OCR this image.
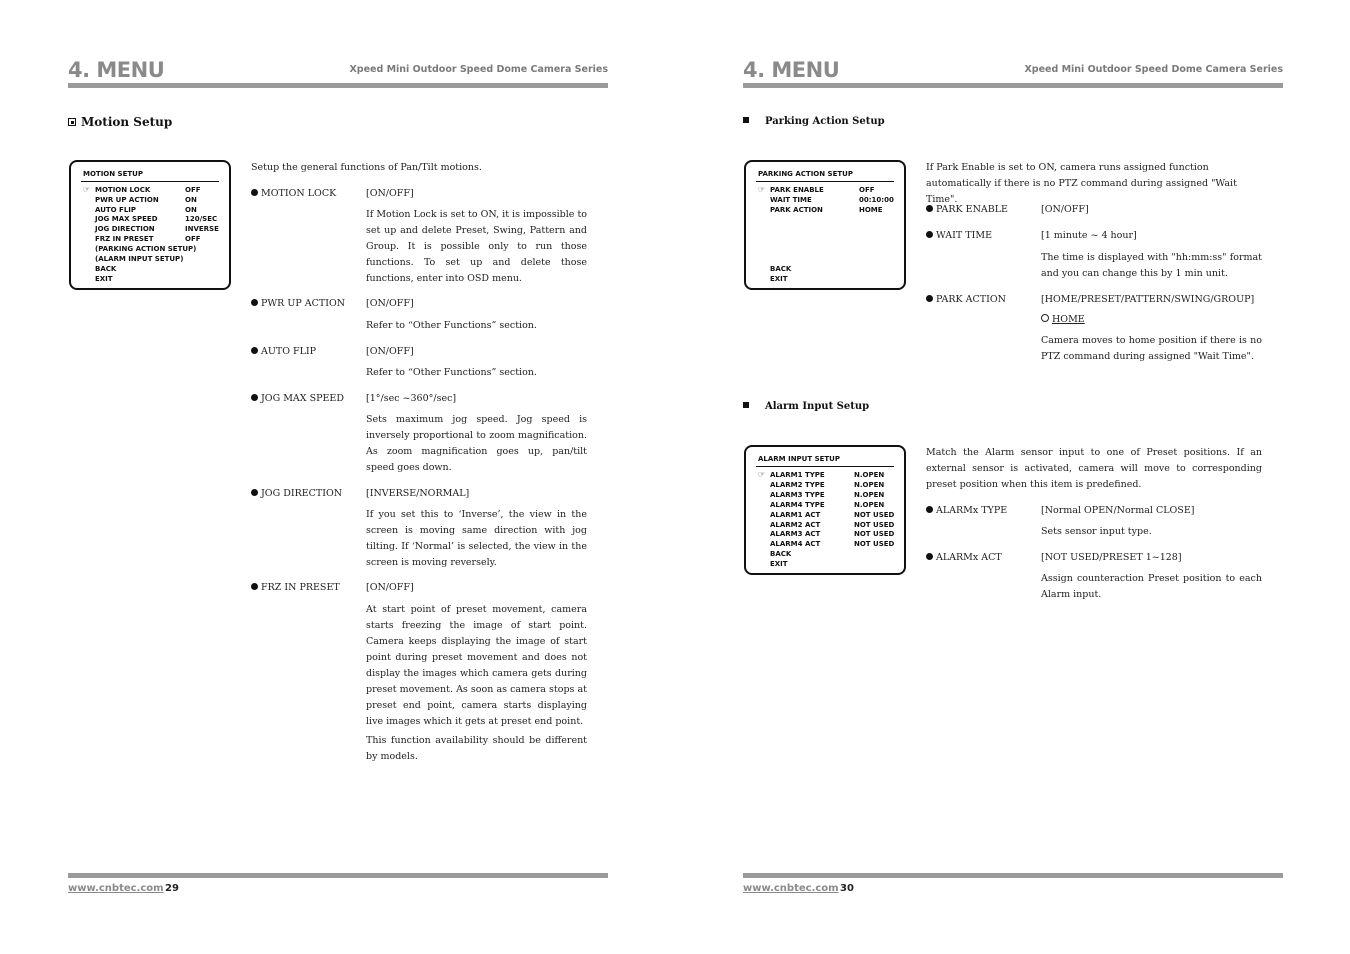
4. MENU	Xpeed Mini Outdoor Speed Dome Camera Series
Motion Setup
MOTION SETUP
☞ MOTION LOCK	OFF
PWR UP ACTION	ON
AUTO FLIP	ON
JOG MAX SPEED	120/SEC
JOG DIRECTION	INVERSE
FRZ IN PRESET	OFF
(PARKING ACTION SETUP)
(ALARM INPUT SETUP)
BACK
EXIT
Setup the general functions of Pan/Tilt motions.
MOTION LOCK	[ON/OFF]
If Motion Lock is set to ON, it is impossible to set up and delete Preset, Swing, Pattern and Group. It is possible only to run those functions. To set up and delete those functions, enter into OSD menu.
PWR UP ACTION [ON/OFF]
Refer to “Other Functions” section.
AUTO FLIP	[ON/OFF]
Refer to “Other Functions” section.
JOG MAX SPEED [1°/sec ~360°/sec]
Sets maximum jog speed. Jog speed is inversely proportional to zoom magnification. As zoom magnification goes up, pan/tilt speed goes down.
JOG DIRECTION	[INVERSE/NORMAL]
If you set this to ‘Inverse’, the view in the screen is moving same direction with jog tilting. If ‘Normal’ is selected, the view in the screen is moving reversely.
FRZ IN PRESET	[ON/OFF]
At start point of preset movement, camera starts freezing the image of start point. Camera keeps displaying the image of start point during preset movement and does not display the images which camera gets during preset movement. As soon as camera stops at preset end point, camera starts displaying live images which it gets at preset end point.
This function availability should be different by models.
www.cnbtec.com 29
4. MENU	Xpeed Mini Outdoor Speed Dome Camera Series
Parking Action Setup
PARKING ACTION SETUP
☞ PARK ENABLE	OFF
WAIT TIME	00:10:00
PARK ACTION	HOME
BACK
EXIT
If Park Enable is set to ON, camera runs assigned function automatically if there is no PTZ command during assigned "Wait Time".
PARK ENABLE	[ON/OFF]
WAIT TIME	[1 minute ~ 4 hour]
The time is displayed with "hh:mm:ss" format and you can change this by 1 min unit.
PARK ACTION	[HOME/PRESET/PATTERN/SWING/GROUP]
HOME
Camera moves to home position if there is no PTZ command during assigned "Wait Time".
Alarm Input Setup
ALARM INPUT SETUP
☞ ALARM1 TYPE	N.OPEN
ALARM2 TYPE	N.OPEN
ALARM3 TYPE	N.OPEN
ALARM4 TYPE	N.OPEN
ALARM1 ACT	NOT USED
ALARM2 ACT	NOT USED
ALARM3 ACT	NOT USED
ALARM4 ACT	NOT USED
BACK
EXIT
Match the Alarm sensor input to one of Preset positions. If an external sensor is activated, camera will move to corresponding preset position when this item is predefined.
ALARMx TYPE	[Normal OPEN/Normal CLOSE]
Sets sensor input type.
ALARMx ACT	[NOT USED/PRESET 1~128]
Assign counteraction Preset position to each Alarm input.
www.cnbtec.com 30
